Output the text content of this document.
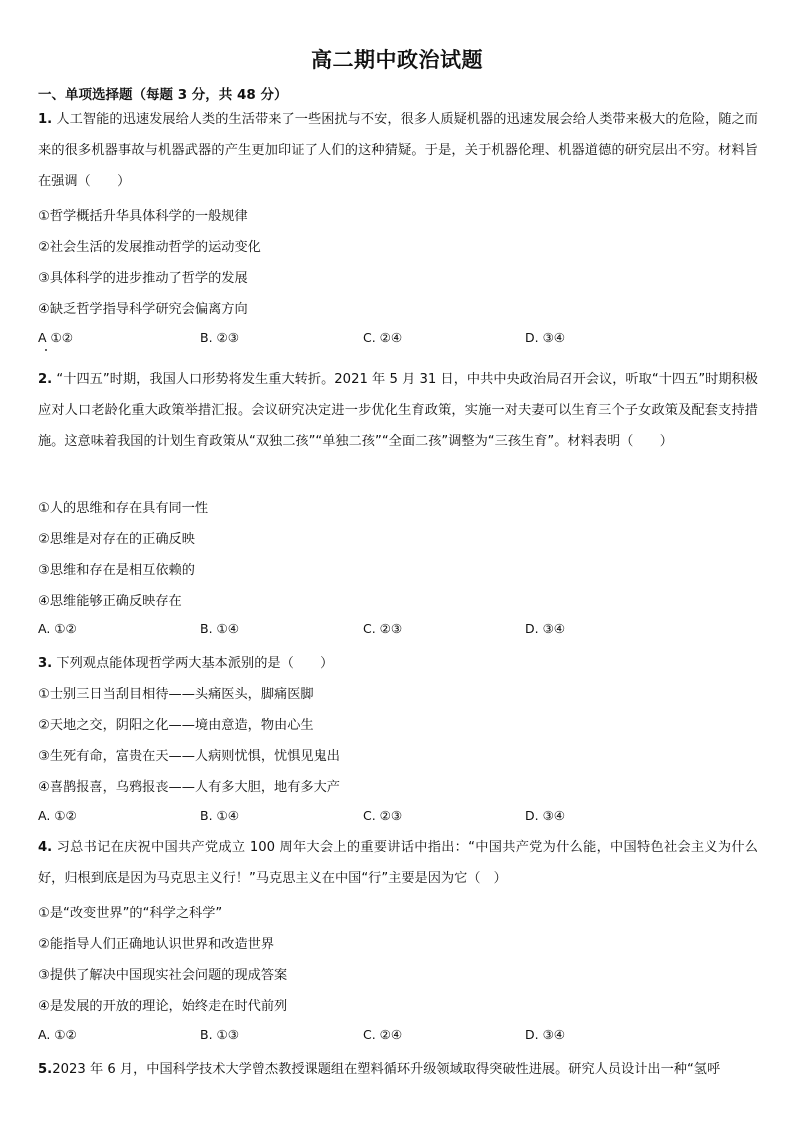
高二期中政治试题
一、单项选择题（每题 3 分，共 48 分）
1. 人工智能的迅速发展给人类的生活带来了一些困扰与不安，很多人质疑机器的迅速发展会给人类带来极大的危险，随之而来的很多机器事故与机器武器的产生更加印证了人们的这种猜疑。于是，关于机器伦理、机器道德的研究层出不穷。材料旨在强调（　　）
①哲学概括升华具体科学的一般规律
②社会生活的发展推动哲学的运动变化
③具体科学的进步推动了哲学的发展
④缺乏哲学指导科学研究会偏离方向
A ①②	B. ②③	C. ②④	D. ③④
2. “十四五”时期，我国人口形势将发生重大转折。2021 年 5 月 31 日，中共中央政治局召开会议，听取“十四五”时期积极应对人口老龄化重大政策举措汇报。会议研究决定进一步优化生育政策，实施一对夫妻可以生育三个子女政策及配套支持措施。这意味着我国的计划生育政策从“双独二孩”“单独二孩”“全面二孩”调整为“三孩生育”。材料表明（　　）
①人的思维和存在具有同一性
②思维是对存在的正确反映
③思维和存在是相互依赖的
④思维能够正确反映存在
A. ①②	B. ①④	C. ②③	D. ③④
3. 下列观点能体现哲学两大基本派别的是（　　）
①士别三日当刮目相待——头痛医头，脚痛医脚
②天地之交，阴阳之化——境由意造，物由心生
③生死有命，富贵在天——人病则忧惧，忧惧见鬼出
④喜鹊报喜，乌鸦报丧——人有多大胆，地有多大产
A. ①②	B. ①④	C. ②③	D. ③④
4. 习总书记在庆祝中国共产党成立 100 周年大会上的重要讲话中指出：“中国共产党为什么能，中国特色社会主义为什么好，归根到底是因为马克思主义行！”马克思主义在中国“行”主要是因为它（　）
①是“改变世界”的“科学之科学”
②能指导人们正确地认识世界和改造世界
③提供了解决中国现实社会问题的现成答案
④是发展的开放的理论，始终走在时代前列
A. ①②	B. ①③	C. ②④	D. ③④
5.2023 年 6 月，中国科学技术大学曾杰教授课题组在塑料循环升级领域取得突破性进展。研究人员设计出一种“氢呼
